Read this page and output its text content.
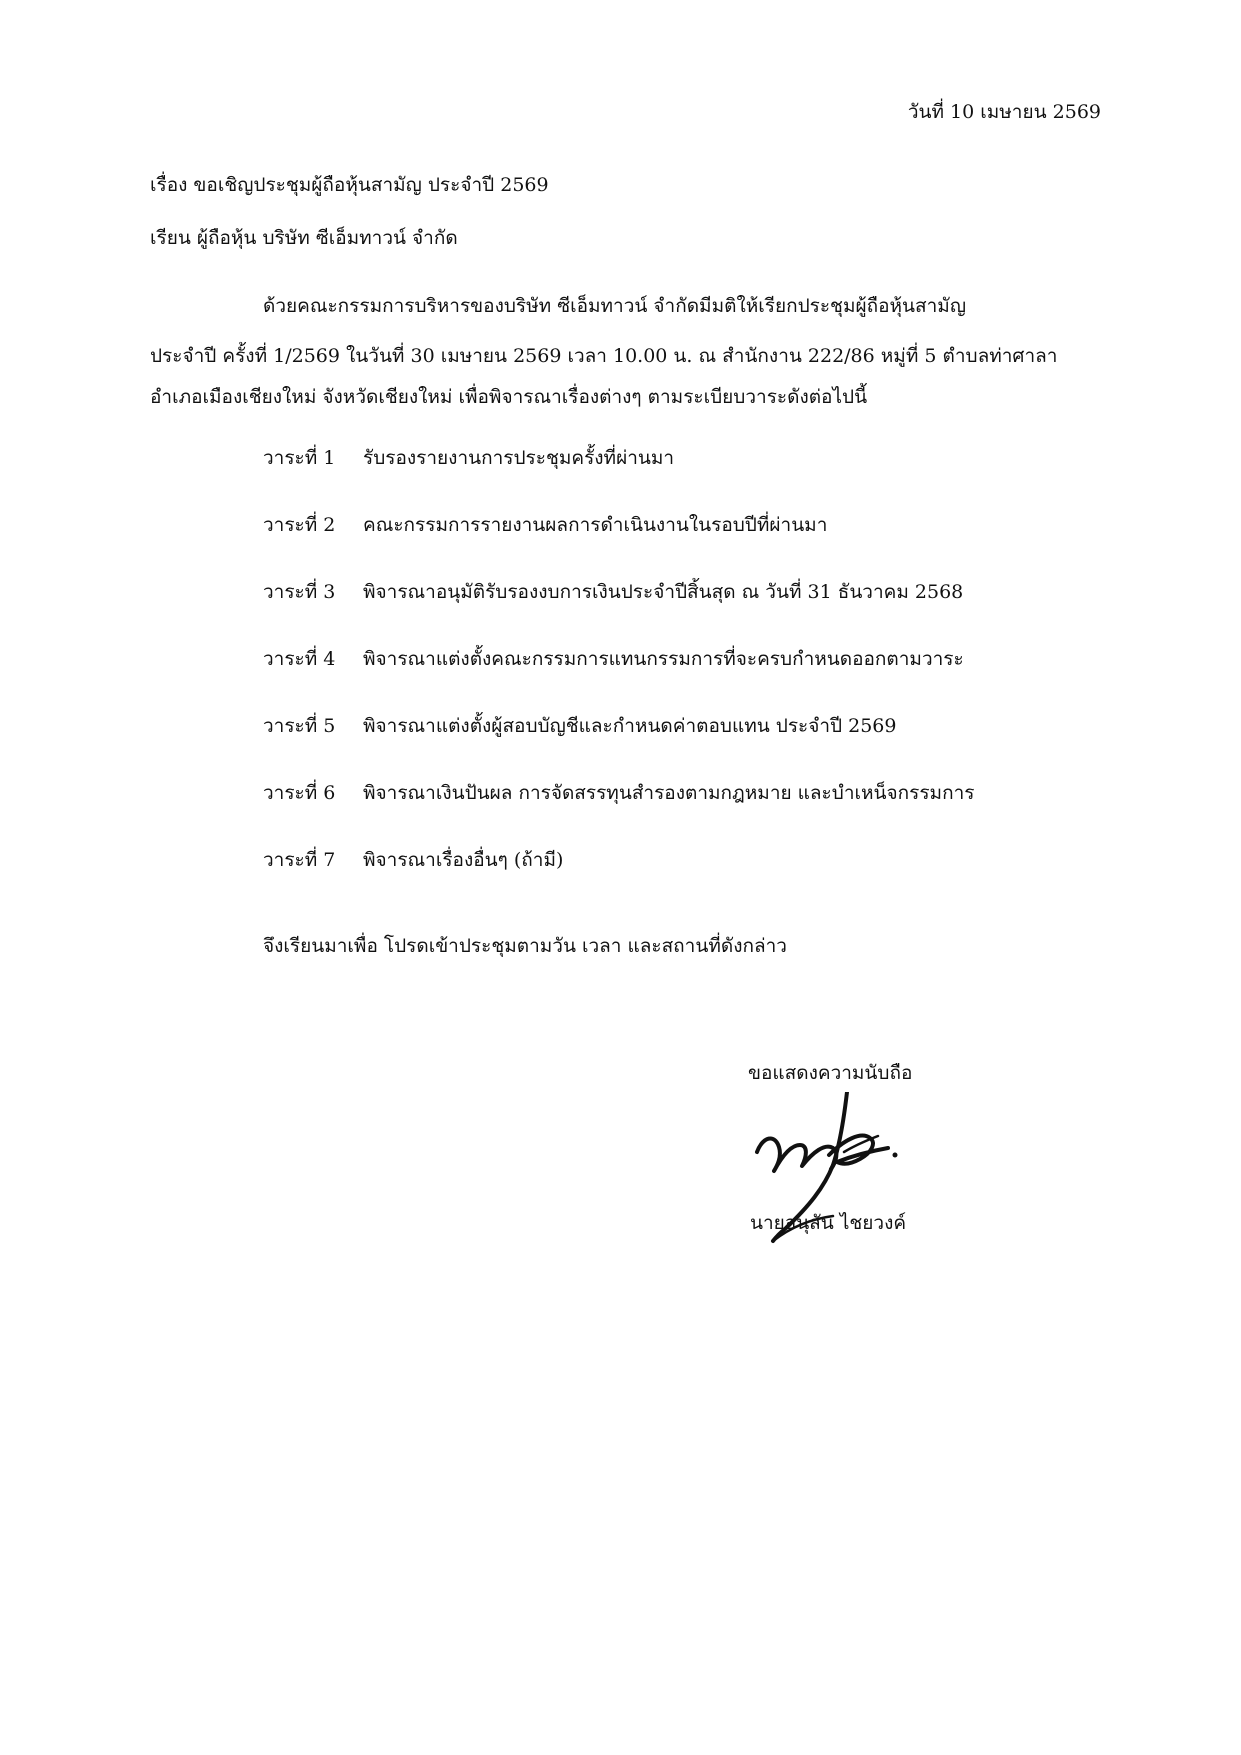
วันที่ 10 เมษายน 2569
เรื่อง ขอเชิญประชุมผู้ถือหุ้นสามัญ ประจำปี 2569
เรียน ผู้ถือหุ้น บริษัท ซีเอ็มทาวน์ จำกัด
ด้วยคณะกรรมการบริหารของบริษัท ซีเอ็มทาวน์ จำกัดมีมติให้เรียกประชุมผู้ถือหุ้นสามัญ
ประจำปี ครั้งที่ 1/2569 ในวันที่ 30 เมษายน 2569 เวลา 10.00 น. ณ สำนักงาน 222/86 หมู่ที่ 5 ตำบลท่าศาลา
อำเภอเมืองเชียงใหม่ จังหวัดเชียงใหม่ เพื่อพิจารณาเรื่องต่างๆ ตามระเบียบวาระดังต่อไปนี้
วาระที่ 1	รับรองรายงานการประชุมครั้งที่ผ่านมา
วาระที่ 2	คณะกรรมการรายงานผลการดำเนินงานในรอบปีที่ผ่านมา
วาระที่ 3	พิจารณาอนุมัติรับรองงบการเงินประจำปีสิ้นสุด ณ วันที่ 31 ธันวาคม 2568
วาระที่ 4	พิจารณาแต่งตั้งคณะกรรมการแทนกรรมการที่จะครบกำหนดออกตามวาระ
วาระที่ 5	พิจารณาแต่งตั้งผู้สอบบัญชีและกำหนดค่าตอบแทน ประจำปี 2569
วาระที่ 6	พิจารณาเงินปันผล การจัดสรรทุนสำรองตามกฎหมาย และบำเหน็จกรรมการ
วาระที่ 7	พิจารณาเรื่องอื่นๆ (ถ้ามี)
จึงเรียนมาเพื่อ โปรดเข้าประชุมตามวัน เวลา และสถานที่ดังกล่าว
ขอแสดงความนับถือ
นายอนุสัน ไชยวงค์
